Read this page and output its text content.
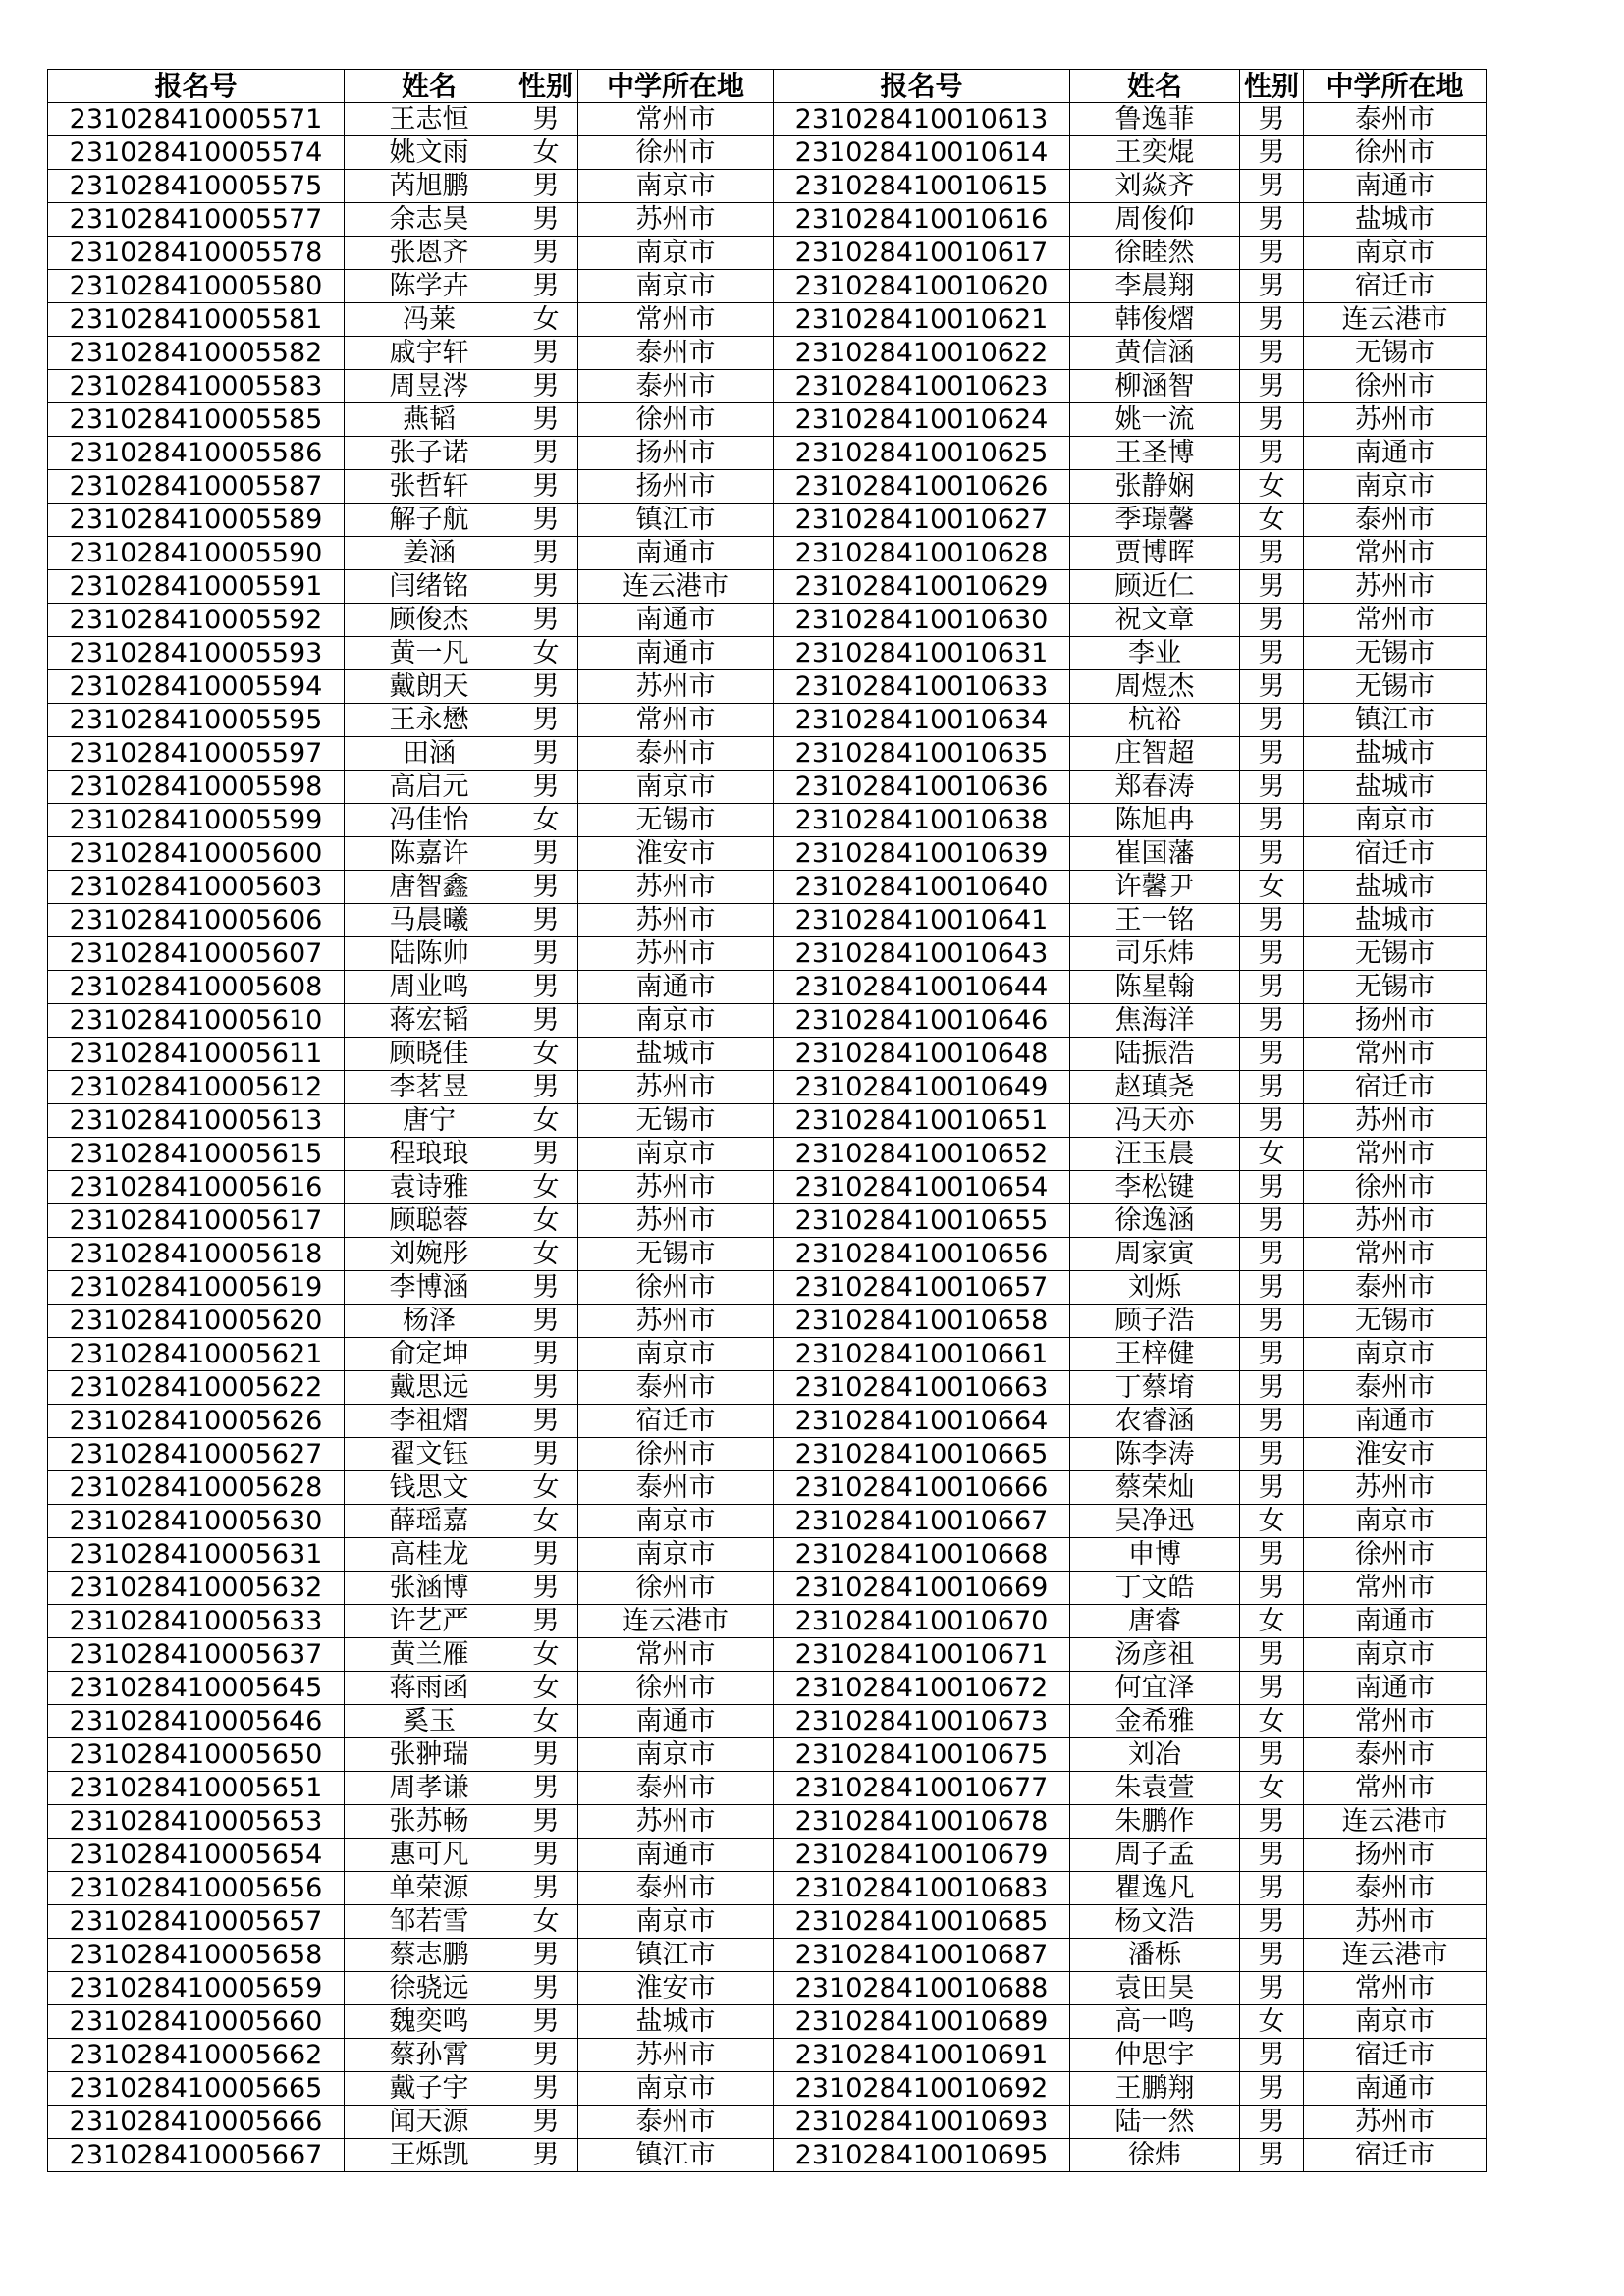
报名号	姓名	性别	中学所在地	报名号	姓名	性别	中学所在地
231028410005571	王志恒	男	常州市	231028410010613	鲁逸菲	男	泰州市
231028410005574	姚文雨	女	徐州市	231028410010614	王奕焜	男	徐州市
231028410005575	芮旭鹏	男	南京市	231028410010615	刘焱齐	男	南通市
231028410005577	余志昊	男	苏州市	231028410010616	周俊仰	男	盐城市
231028410005578	张恩齐	男	南京市	231028410010617	徐睦然	男	南京市
231028410005580	陈学卉	男	南京市	231028410010620	李晨翔	男	宿迁市
231028410005581	冯莱	女	常州市	231028410010621	韩俊熠	男	连云港市
231028410005582	戚宇轩	男	泰州市	231028410010622	黄信涵	男	无锡市
231028410005583	周昱涔	男	泰州市	231028410010623	柳涵智	男	徐州市
231028410005585	燕韬	男	徐州市	231028410010624	姚一流	男	苏州市
231028410005586	张子诺	男	扬州市	231028410010625	王圣博	男	南通市
231028410005587	张哲轩	男	扬州市	231028410010626	张静娴	女	南京市
231028410005589	解子航	男	镇江市	231028410010627	季璟馨	女	泰州市
231028410005590	姜涵	男	南通市	231028410010628	贾博晖	男	常州市
231028410005591	闫绪铭	男	连云港市	231028410010629	顾近仁	男	苏州市
231028410005592	顾俊杰	男	南通市	231028410010630	祝文章	男	常州市
231028410005593	黄一凡	女	南通市	231028410010631	李业	男	无锡市
231028410005594	戴朗天	男	苏州市	231028410010633	周煜杰	男	无锡市
231028410005595	王永懋	男	常州市	231028410010634	杭裕	男	镇江市
231028410005597	田涵	男	泰州市	231028410010635	庄智超	男	盐城市
231028410005598	高启元	男	南京市	231028410010636	郑春涛	男	盐城市
231028410005599	冯佳怡	女	无锡市	231028410010638	陈旭冉	男	南京市
231028410005600	陈嘉许	男	淮安市	231028410010639	崔国藩	男	宿迁市
231028410005603	唐智鑫	男	苏州市	231028410010640	许馨尹	女	盐城市
231028410005606	马晨曦	男	苏州市	231028410010641	王一铭	男	盐城市
231028410005607	陆陈帅	男	苏州市	231028410010643	司乐炜	男	无锡市
231028410005608	周业鸣	男	南通市	231028410010644	陈星翰	男	无锡市
231028410005610	蒋宏韬	男	南京市	231028410010646	焦海洋	男	扬州市
231028410005611	顾晓佳	女	盐城市	231028410010648	陆振浩	男	常州市
231028410005612	李茗昱	男	苏州市	231028410010649	赵瑱尧	男	宿迁市
231028410005613	唐宁	女	无锡市	231028410010651	冯天亦	男	苏州市
231028410005615	程琅琅	男	南京市	231028410010652	汪玉晨	女	常州市
231028410005616	袁诗雅	女	苏州市	231028410010654	李松键	男	徐州市
231028410005617	顾聪蓉	女	苏州市	231028410010655	徐逸涵	男	苏州市
231028410005618	刘婉彤	女	无锡市	231028410010656	周家寅	男	常州市
231028410005619	李博涵	男	徐州市	231028410010657	刘烁	男	泰州市
231028410005620	杨泽	男	苏州市	231028410010658	顾子浩	男	无锡市
231028410005621	俞定坤	男	南京市	231028410010661	王梓健	男	南京市
231028410005622	戴思远	男	泰州市	231028410010663	丁蔡堉	男	泰州市
231028410005626	李祖熠	男	宿迁市	231028410010664	农睿涵	男	南通市
231028410005627	翟文钰	男	徐州市	231028410010665	陈李涛	男	淮安市
231028410005628	钱思文	女	泰州市	231028410010666	蔡荣灿	男	苏州市
231028410005630	薛瑶嘉	女	南京市	231028410010667	吴净迅	女	南京市
231028410005631	高桂龙	男	南京市	231028410010668	申博	男	徐州市
231028410005632	张涵博	男	徐州市	231028410010669	丁文皓	男	常州市
231028410005633	许艺严	男	连云港市	231028410010670	唐睿	女	南通市
231028410005637	黄兰雁	女	常州市	231028410010671	汤彦祖	男	南京市
231028410005645	蒋雨函	女	徐州市	231028410010672	何宜泽	男	南通市
231028410005646	奚玉	女	南通市	231028410010673	金希雅	女	常州市
231028410005650	张翀瑞	男	南京市	231028410010675	刘冶	男	泰州市
231028410005651	周孝谦	男	泰州市	231028410010677	朱袁萱	女	常州市
231028410005653	张苏畅	男	苏州市	231028410010678	朱鹏作	男	连云港市
231028410005654	惠可凡	男	南通市	231028410010679	周子孟	男	扬州市
231028410005656	单荣源	男	泰州市	231028410010683	瞿逸凡	男	泰州市
231028410005657	邹若雪	女	南京市	231028410010685	杨文浩	男	苏州市
231028410005658	蔡志鹏	男	镇江市	231028410010687	潘栎	男	连云港市
231028410005659	徐骁远	男	淮安市	231028410010688	袁田昊	男	常州市
231028410005660	魏奕鸣	男	盐城市	231028410010689	高一鸣	女	南京市
231028410005662	蔡孙霄	男	苏州市	231028410010691	仲思宇	男	宿迁市
231028410005665	戴子宇	男	南京市	231028410010692	王鹏翔	男	南通市
231028410005666	闻天源	男	泰州市	231028410010693	陆一然	男	苏州市
231028410005667	王烁凯	男	镇江市	231028410010695	徐炜	男	宿迁市
